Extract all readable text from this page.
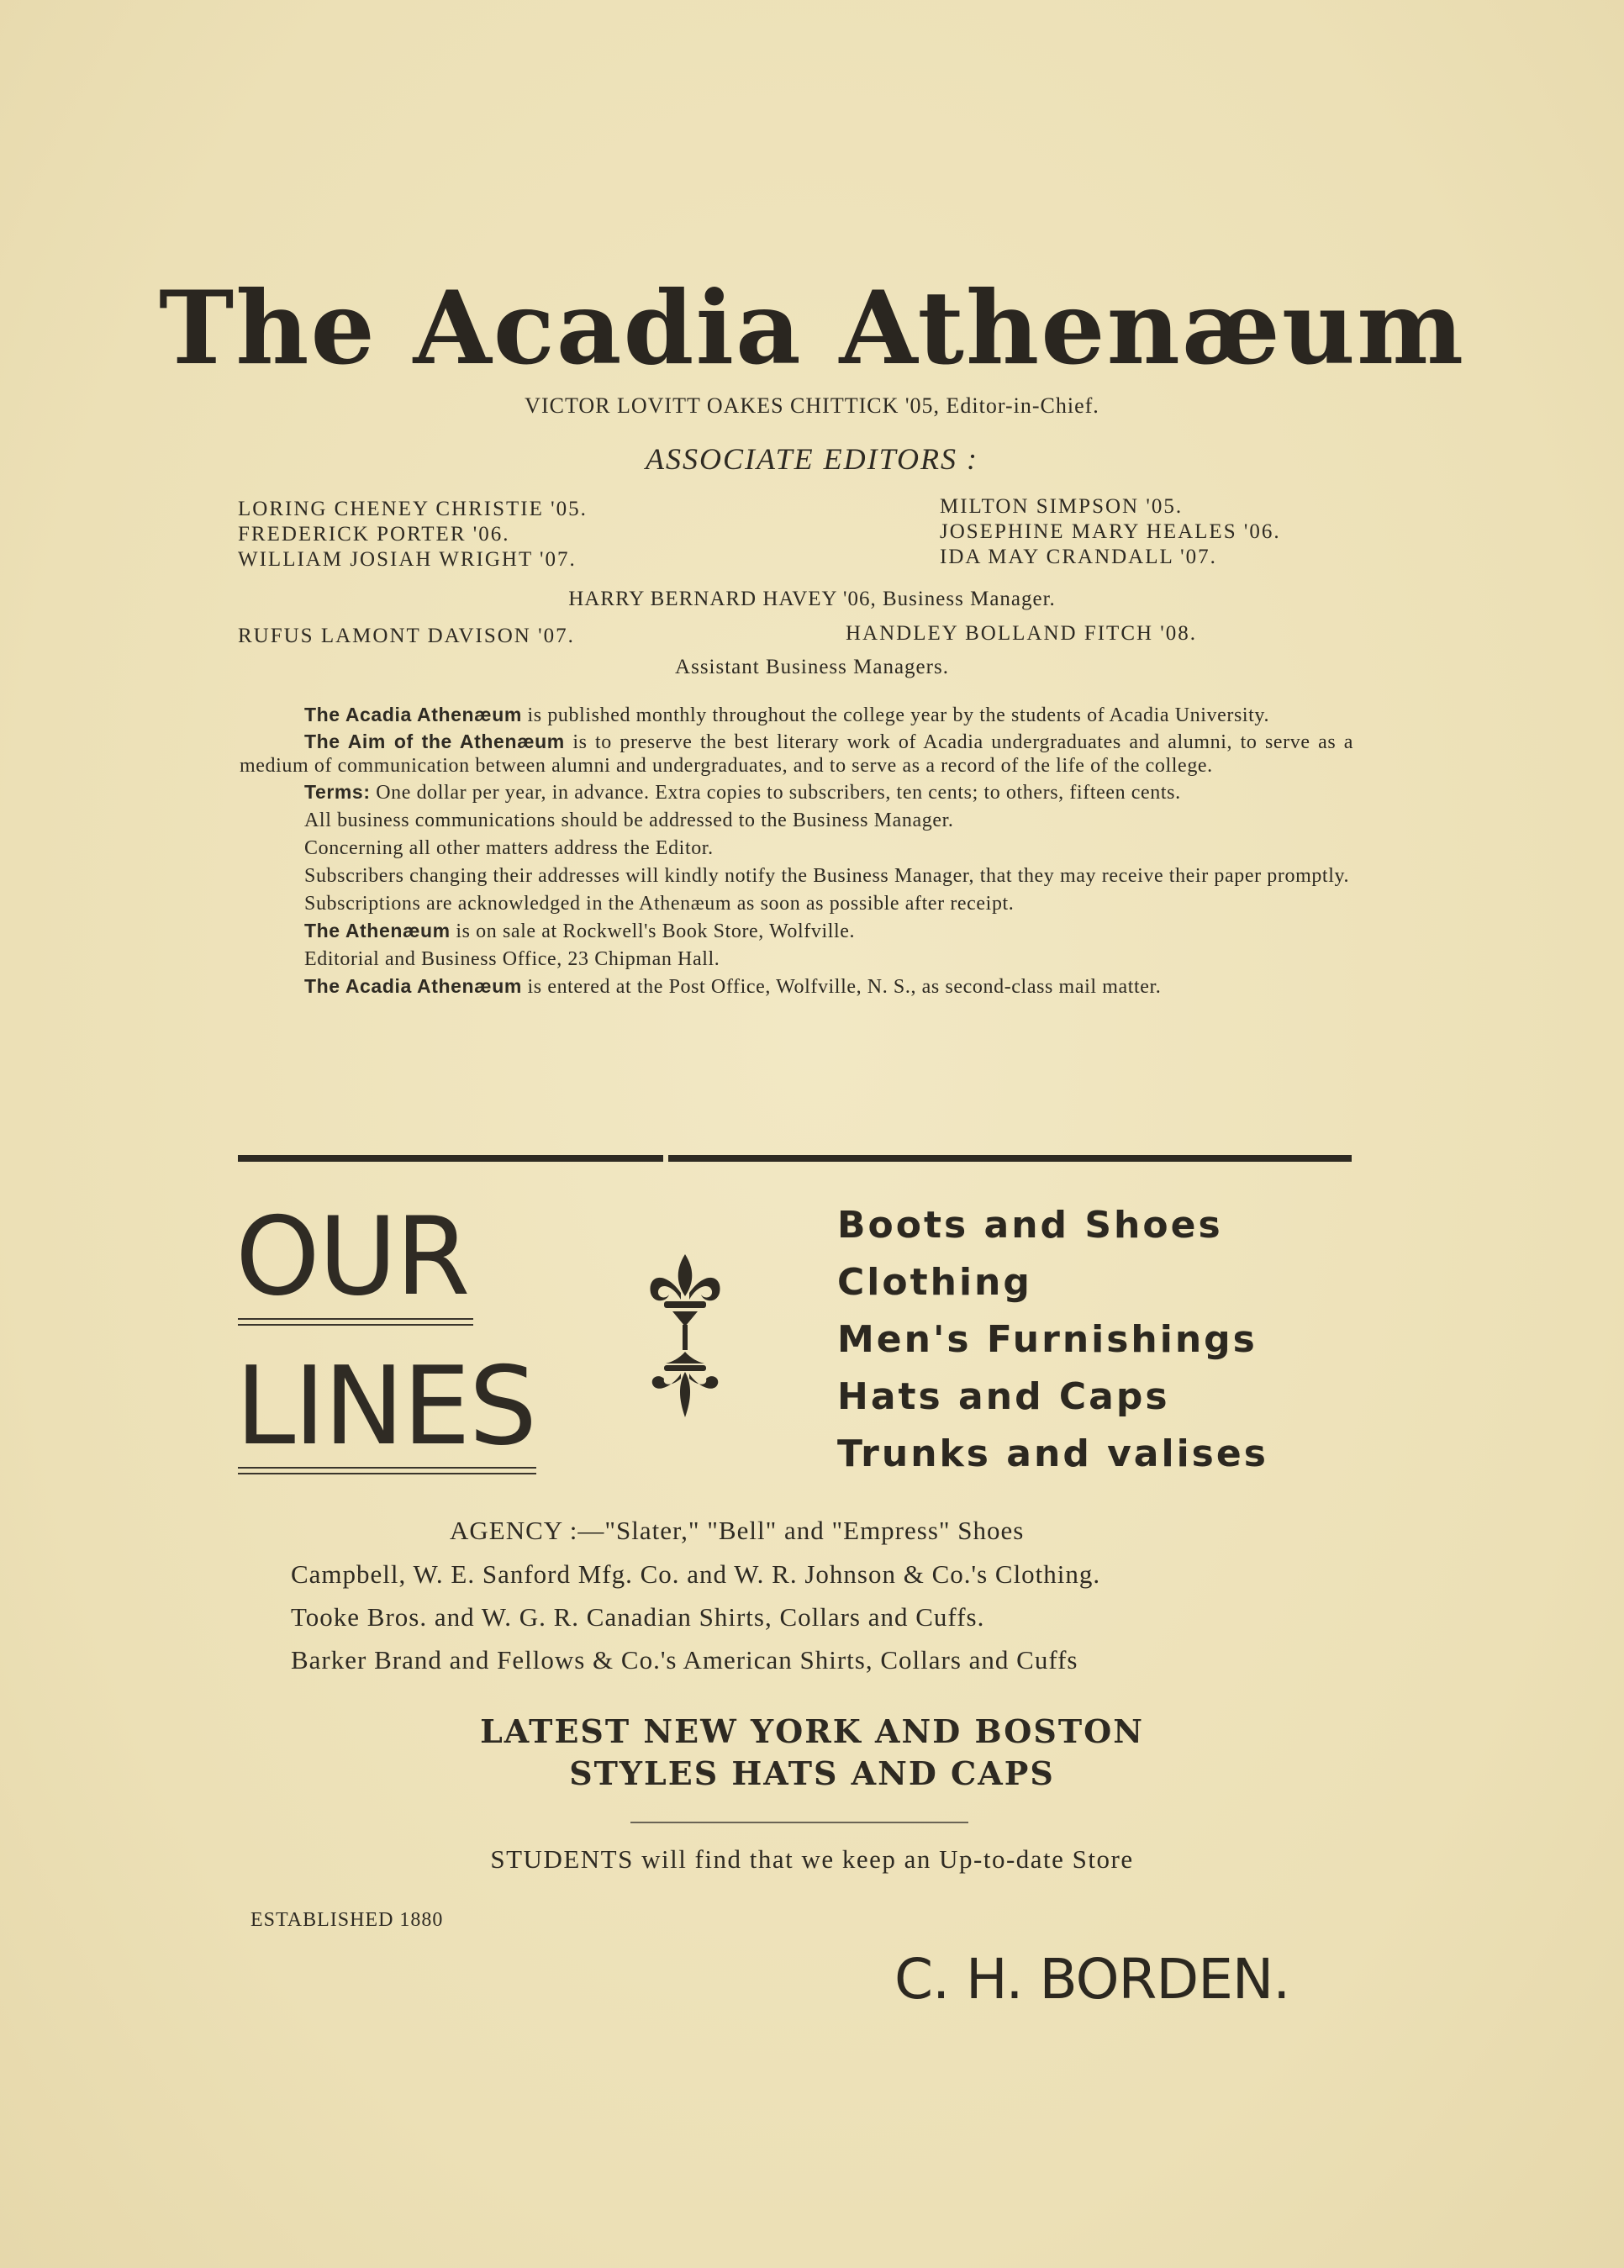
The Acadia Athenæum
VICTOR LOVITT OAKES CHITTICK '05, Editor-in-Chief.
ASSOCIATE EDITORS :
LORING CHENEY CHRISTIE '05.
FREDERICK PORTER '06.
WILLIAM JOSIAH WRIGHT '07.
MILTON SIMPSON '05.
JOSEPHINE MARY HEALES '06.
IDA MAY CRANDALL '07.
HARRY BERNARD HAVEY '06, Business Manager.
RUFUS LAMONT DAVISON '07.	HANDLEY BOLLAND FITCH '08.
Assistant Business Managers.
The Acadia Athenæum is published monthly throughout the college year by the students of Acadia University.
The Aim of the Athenæum is to preserve the best literary work of Acadia undergraduates and alumni, to serve as a medium of communication between alumni and undergraduates, and to serve as a record of the life of the college.
Terms: One dollar per year, in advance. Extra copies to subscribers, ten cents; to others, fifteen cents.
All business communications should be addressed to the Business Manager.
Concerning all other matters address the Editor.
Subscribers changing their addresses will kindly notify the Business Manager, that they may receive their paper promptly.
Subscriptions are acknowledged in the Athenæum as soon as possible after receipt.
The Athenæum is on sale at Rockwell's Book Store, Wolfville.
Editorial and Business Office, 23 Chipman Hall.
The Acadia Athenæum is entered at the Post Office, Wolfville, N. S., as second-class mail matter.
OUR
LINES
Boots and Shoes
Clothing
Men's Furnishings
Hats and Caps
Trunks and valises
AGENCY :—"Slater," "Bell" and "Empress" Shoes
Campbell, W. E. Sanford Mfg. Co. and W. R. Johnson & Co.'s Clothing.
Tooke Bros. and W. G. R. Canadian Shirts, Collars and Cuffs.
Barker Brand and Fellows & Co.'s American Shirts, Collars and Cuffs
LATEST NEW YORK AND BOSTON
STYLES HATS AND CAPS
STUDENTS will find that we keep an Up-to-date Store
ESTABLISHED 1880
C. H. BORDEN.
